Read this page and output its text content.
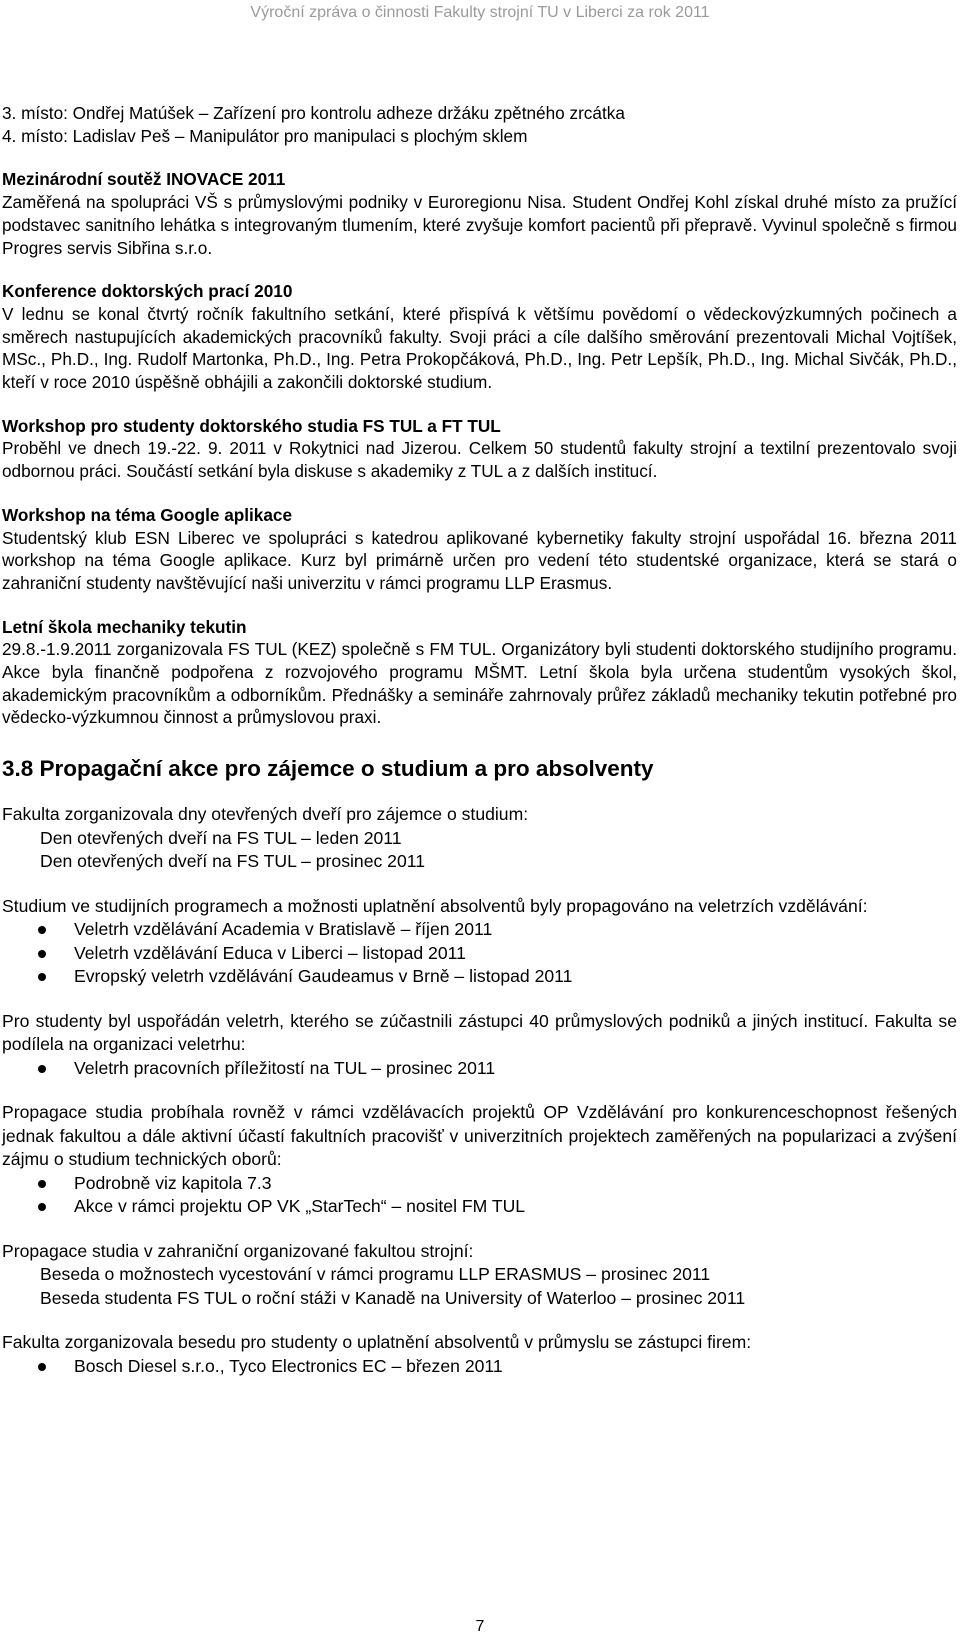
Výroční zpráva o činnosti Fakulty strojní TU v Liberci za rok 2011

3. místo: Ondřej Matúšek – Zařízení pro kontrolu adheze držáku zpětného zrcátka

4. místo: Ladislav Peš – Manipulátor pro manipulaci s plochým sklem

Mezinárodní soutěž INOVACE 2011

Zaměřená na spolupráci VŠ s průmyslovými podniky v Euroregionu Nisa. Student Ondřej Kohl získal druhé místo za pružící podstavec sanitního lehátka s integrovaným tlumením, které zvyšuje komfort pacientů při přepravě. Vyvinul společně s firmou Progres servis Sibřina s.r.o.

Konference doktorských prací 2010

V lednu se konal čtvrtý ročník fakultního setkání, které přispívá k většímu povědomí o vědeckovýzkumných počinech a směrech nastupujících akademických pracovníků fakulty. Svoji práci a cíle dalšího směrování prezentovali Michal Vojtíšek, MSc., Ph.D., Ing. Rudolf Martonka, Ph.D., Ing. Petra Prokopčáková, Ph.D., Ing. Petr Lepšík, Ph.D., Ing. Michal Sivčák, Ph.D., kteří v roce 2010 úspěšně obhájili a zakončili doktorské studium.

Workshop pro studenty doktorského studia FS TUL a FT TUL

Proběhl ve dnech 19.-22. 9. 2011 v Rokytnici nad Jizerou. Celkem 50 studentů fakulty strojní a textilní prezentovalo svoji odbornou práci. Součástí setkání byla diskuse s akademiky z TUL a z dalších institucí.

Workshop na téma Google aplikace

Studentský klub ESN Liberec ve spolupráci s katedrou aplikované kybernetiky fakulty strojní uspořádal 16. března 2011 workshop na téma Google aplikace. Kurz byl primárně určen pro vedení této studentské organizace, která se stará o zahraniční studenty navštěvující naši univerzitu v rámci programu LLP Erasmus.

Letní škola mechaniky tekutin

29.8.-1.9.2011 zorganizovala FS TUL (KEZ) společně s FM TUL. Organizátory byli studenti doktorského studijního programu. Akce byla finančně podpořena z rozvojového programu MŠMT. Letní škola byla určena studentům vysokých škol, akademickým pracovníkům a odborníkům. Přednášky a semináře zahrnovaly průřez základů mechaniky tekutin potřebné pro vědecko-výzkumnou činnost a průmyslovou praxi.

3.8 Propagační akce pro zájemce o studium a pro absolventy

Fakulta zorganizovala dny otevřených dveří pro zájemce o studium:

Den otevřených dveří na FS TUL – leden 2011

Den otevřených dveří na FS TUL – prosinec 2011

Studium ve studijních programech a možnosti uplatnění absolventů byly propagováno na veletrzích vzdělávání:

Veletrh vzdělávání Academia v Bratislavě – říjen 2011
Veletrh vzdělávání Educa v Liberci – listopad 2011
Evropský veletrh vzdělávání Gaudeamus v Brně – listopad 2011

Pro studenty byl uspořádán veletrh, kterého se zúčastnili zástupci 40 průmyslových podniků a jiných institucí. Fakulta se podílela na organizaci veletrhu:

Veletrh pracovních příležitostí na TUL – prosinec 2011

Propagace studia probíhala rovněž v rámci vzdělávacích projektů OP Vzdělávání pro konkurenceschopnost řešených jednak fakultou a dále aktivní účastí fakultních pracovišť v univerzitních projektech zaměřených na popularizaci a zvýšení zájmu o studium technických oborů:

Podrobně viz kapitola 7.3
Akce v rámci projektu OP VK „StarTech“ – nositel FM TUL

Propagace studia v zahraniční organizované fakultou strojní:

Beseda o možnostech vycestování v rámci programu LLP ERASMUS – prosinec 2011

Beseda studenta FS TUL o roční stáži v Kanadě na University of Waterloo – prosinec 2011

Fakulta zorganizovala besedu pro studenty o uplatnění absolventů v průmyslu se zástupci firem:

Bosch Diesel s.r.o., Tyco Electronics EC – březen 2011
7
